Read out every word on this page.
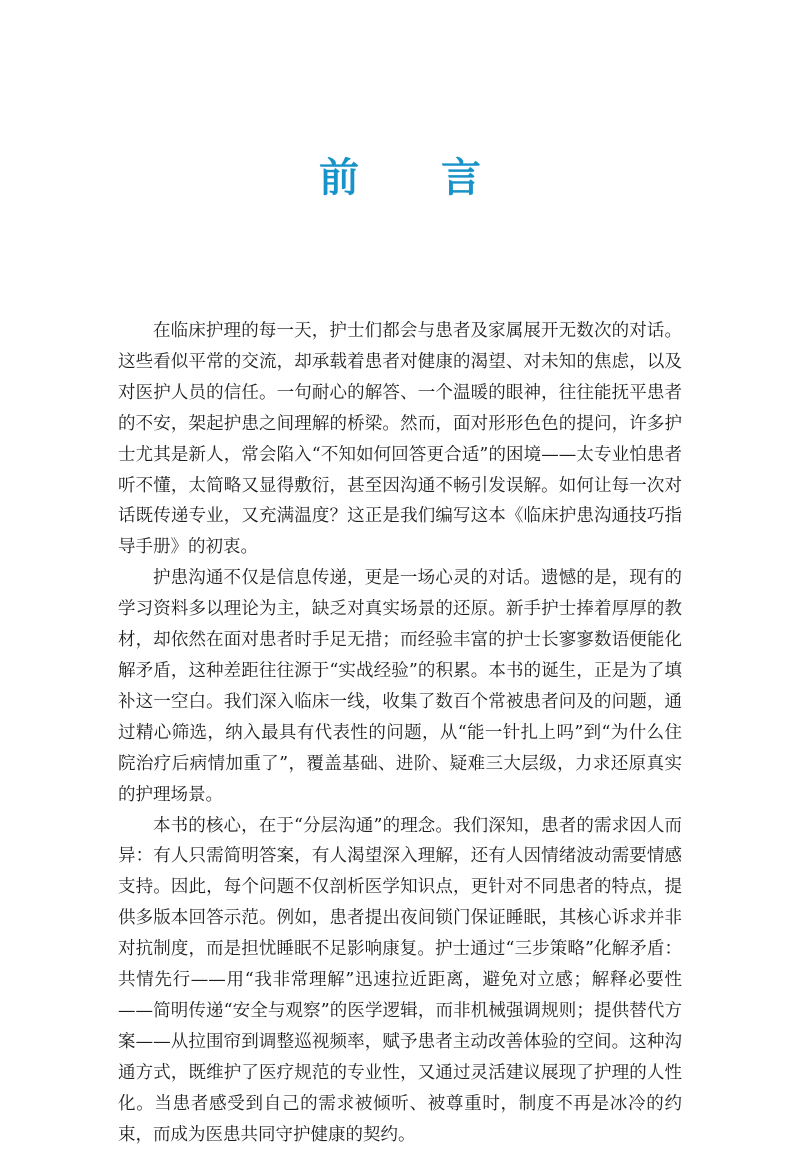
前 言

在临床护理的每一天，护士们都会与患者及家属展开无数次的对话。这些看似平常的交流，却承载着患者对健康的渴望、对未知的焦虑，以及对医护人员的信任。一句耐心的解答、一个温暖的眼神，往往能抚平患者的不安，架起护患之间理解的桥梁。然而，面对形形色色的提问，许多护士尤其是新人，常会陷入“不知如何回答更合适”的困境——太专业怕患者听不懂，太简略又显得敷衍，甚至因沟通不畅引发误解。如何让每一次对话既传递专业，又充满温度？这正是我们编写这本《临床护患沟通技巧指导手册》的初衷。

护患沟通不仅是信息传递，更是一场心灵的对话。遗憾的是，现有的学习资料多以理论为主，缺乏对真实场景的还原。新手护士捧着厚厚的教材，却依然在面对患者时手足无措；而经验丰富的护士长寥寥数语便能化解矛盾，这种差距往往源于“实战经验”的积累。本书的诞生，正是为了填补这一空白。我们深入临床一线，收集了数百个常被患者问及的问题，通过精心筛选，纳入最具有代表性的问题，从“能一针扎上吗”到“为什么住院治疗后病情加重了”，覆盖基础、进阶、疑难三大层级，力求还原真实的护理场景。

本书的核心，在于“分层沟通”的理念。我们深知，患者的需求因人而异：有人只需简明答案，有人渴望深入理解，还有人因情绪波动需要情感支持。因此，每个问题不仅剖析医学知识点，更针对不同患者的特点，提供多版本回答示范。例如，患者提出夜间锁门保证睡眠，其核心诉求并非对抗制度，而是担忧睡眠不足影响康复。护士通过“三步策略”化解矛盾：共情先行——用“我非常理解”迅速拉近距离，避免对立感；解释必要性——简明传递“安全与观察”的医学逻辑，而非机械强调规则；提供替代方案——从拉围帘到调整巡视频率，赋予患者主动改善体验的空间。这种沟通方式，既维护了医疗规范的专业性，又通过灵活建议展现了护理的人性化。当患者感受到自己的需求被倾听、被尊重时，制度不再是冰冷的约束，而成为医患共同守护健康的契约。
